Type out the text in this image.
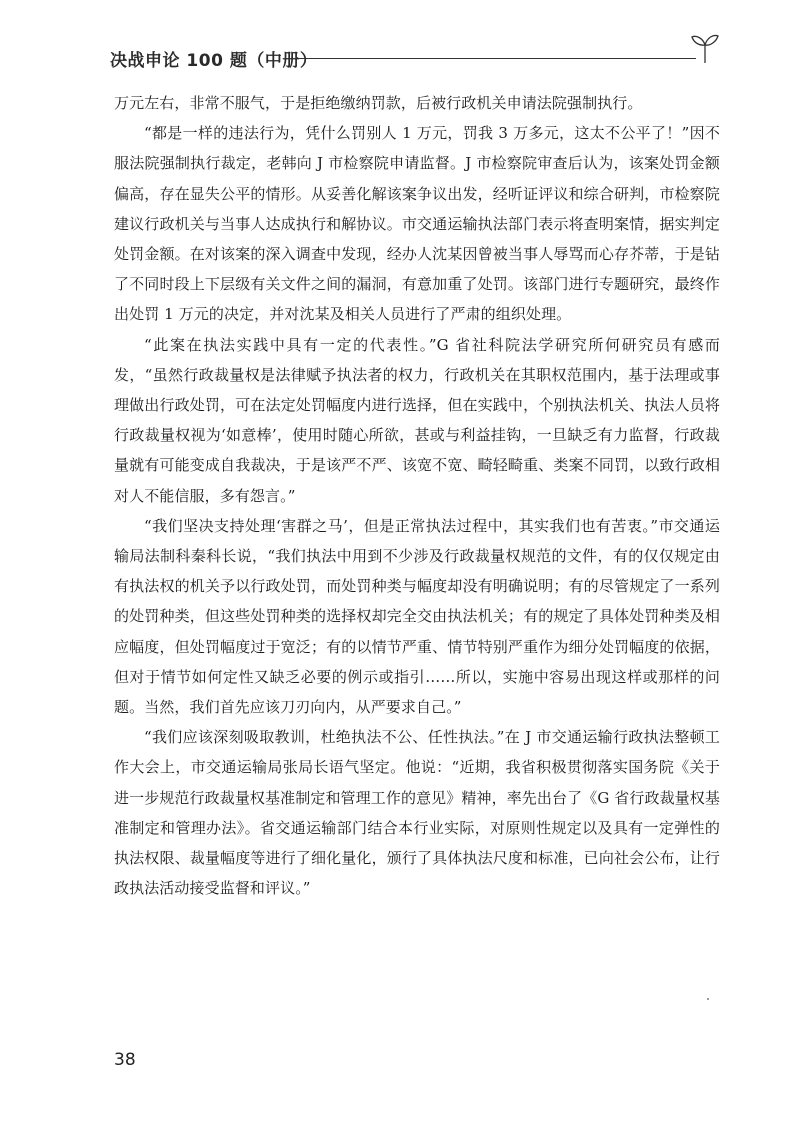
决战申论 100 题（中册）

万元左右，非常不服气，于是拒绝缴纳罚款，后被行政机关申请法院强制执行。

“都是一样的违法行为，凭什么罚别人 1 万元，罚我 3 万多元，这太不公平了！”因不服法院强制执行裁定，老韩向 J 市检察院申请监督。J 市检察院审查后认为，该案处罚金额偏高，存在显失公平的情形。从妥善化解该案争议出发，经听证评议和综合研判，市检察院建议行政机关与当事人达成执行和解协议。市交通运输执法部门表示将查明案情，据实判定处罚金额。在对该案的深入调查中发现，经办人沈某因曾被当事人辱骂而心存芥蒂，于是钻了不同时段上下层级有关文件之间的漏洞，有意加重了处罚。该部门进行专题研究，最终作出处罚 1 万元的决定，并对沈某及相关人员进行了严肃的组织处理。

“此案在执法实践中具有一定的代表性。”G 省社科院法学研究所何研究员有感而发，“虽然行政裁量权是法律赋予执法者的权力，行政机关在其职权范围内，基于法理或事理做出行政处罚，可在法定处罚幅度内进行选择，但在实践中，个别执法机关、执法人员将行政裁量权视为‘如意棒’，使用时随心所欲，甚或与利益挂钩，一旦缺乏有力监督，行政裁量就有可能变成自我裁决，于是该严不严、该宽不宽、畸轻畸重、类案不同罚，以致行政相对人不能信服，多有怨言。”

“我们坚决支持处理‘害群之马’，但是正常执法过程中，其实我们也有苦衷。”市交通运输局法制科秦科长说，“我们执法中用到不少涉及行政裁量权规范的文件，有的仅仅规定由有执法权的机关予以行政处罚，而处罚种类与幅度却没有明确说明；有的尽管规定了一系列的处罚种类，但这些处罚种类的选择权却完全交由执法机关；有的规定了具体处罚种类及相应幅度，但处罚幅度过于宽泛；有的以情节严重、情节特别严重作为细分处罚幅度的依据，但对于情节如何定性又缺乏必要的例示或指引……所以，实施中容易出现这样或那样的问题。当然，我们首先应该刀刃向内，从严要求自己。”

“我们应该深刻吸取教训，杜绝执法不公、任性执法。”在 J 市交通运输行政执法整顿工作大会上，市交通运输局张局长语气坚定。他说：“近期，我省积极贯彻落实国务院《关于进一步规范行政裁量权基准制定和管理工作的意见》精神，率先出台了《G 省行政裁量权基准制定和管理办法》。省交通运输部门结合本行业实际，对原则性规定以及具有一定弹性的执法权限、裁量幅度等进行了细化量化，颁行了具体执法尺度和标准，已向社会公布，让行政执法活动接受监督和评议。”

38
